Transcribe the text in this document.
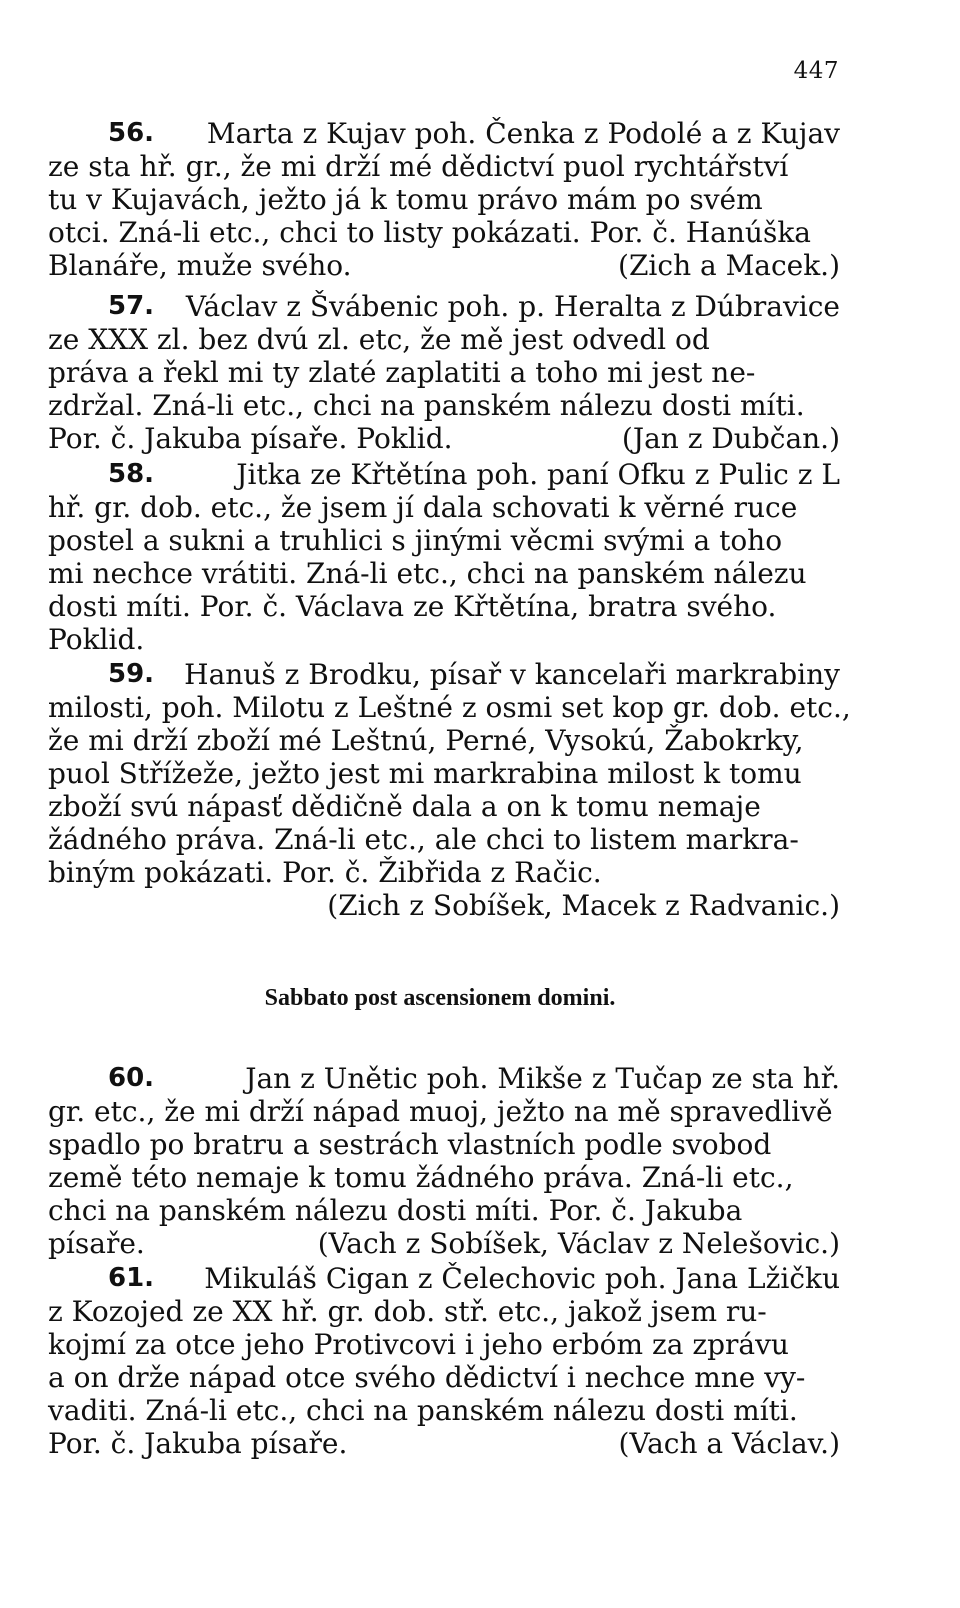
447
56.
Marta z Kujav poh. Čenka z Podolé a z Kujav
ze sta hř. gr., že mi drží mé dědictví puol rychtářství
tu v Kujavách, ježto já k tomu právo mám po svém
otci. Zná-li etc., chci to listy pokázati. Por. č. Hanúška
Blanáře, muže svého.	(Zich a Macek.)
57.
Václav z Švábenic poh. p. Heralta z Dúbravice
ze XXX zl. bez dvú zl. etc, že mě jest odvedl od
práva a řekl mi ty zlaté zaplatiti a toho mi jest ne-
zdržal. Zná-li etc., chci na panském nálezu dosti míti.
Por. č. Jakuba písaře. Poklid.	(Jan z Dubčan.)
58.
	Jitka ze Křtětína poh. paní Ofku z Pulic z L
hř. gr. dob. etc., že jsem jí dala schovati k věrné ruce
postel a sukni a truhlici s jinými věcmi svými a toho
mi nechce vrátiti. Zná-li etc., chci na panském nálezu
dosti míti. Por. č. Václava ze Křtětína, bratra svého.
Poklid.
59.
Hanuš z Brodku, písař v kancelaři markrabiny
milosti, poh. Milotu z Leštné z osmi set kop gr. dob. etc.,
že mi drží zboží mé Leštnú, Perné, Vysokú, Žabokrky,
puol Střížeže, ježto jest mi markrabina milost k tomu
zboží svú nápasť dědičně dala a on k tomu nemaje
žádného práva. Zná-li etc., ale chci to listem markra-
biným pokázati. Por. č. Žibřida z Račic.
(Zich z Sobíšek, Macek z Radvanic.)
Sabbato post ascensionem domini.
60.
	Jan z Unětic poh. Mikše z Tučap ze sta hř.
gr. etc., že mi drží nápad muoj, ježto na mě spravedlivě
spadlo po bratru a sestrách vlastních podle svobod
země této nemaje k tomu žádného práva. Zná-li etc.,
chci na panském nálezu dosti míti. Por. č. Jakuba
písaře.	(Vach z Sobíšek, Václav z Nelešovic.)
61.
Mikuláš Cigan z Čelechovic poh. Jana Lžičku
z Kozojed ze XX hř. gr. dob. stř. etc., jakož jsem ru-
kojmí za otce jeho Protivcovi i jeho erbóm za zprávu
a on drže nápad otce svého dědictví i nechce mne vy-
vaditi. Zná-li etc., chci na panském nálezu dosti míti.
Por. č. Jakuba písaře.	(Vach a Václav.)
